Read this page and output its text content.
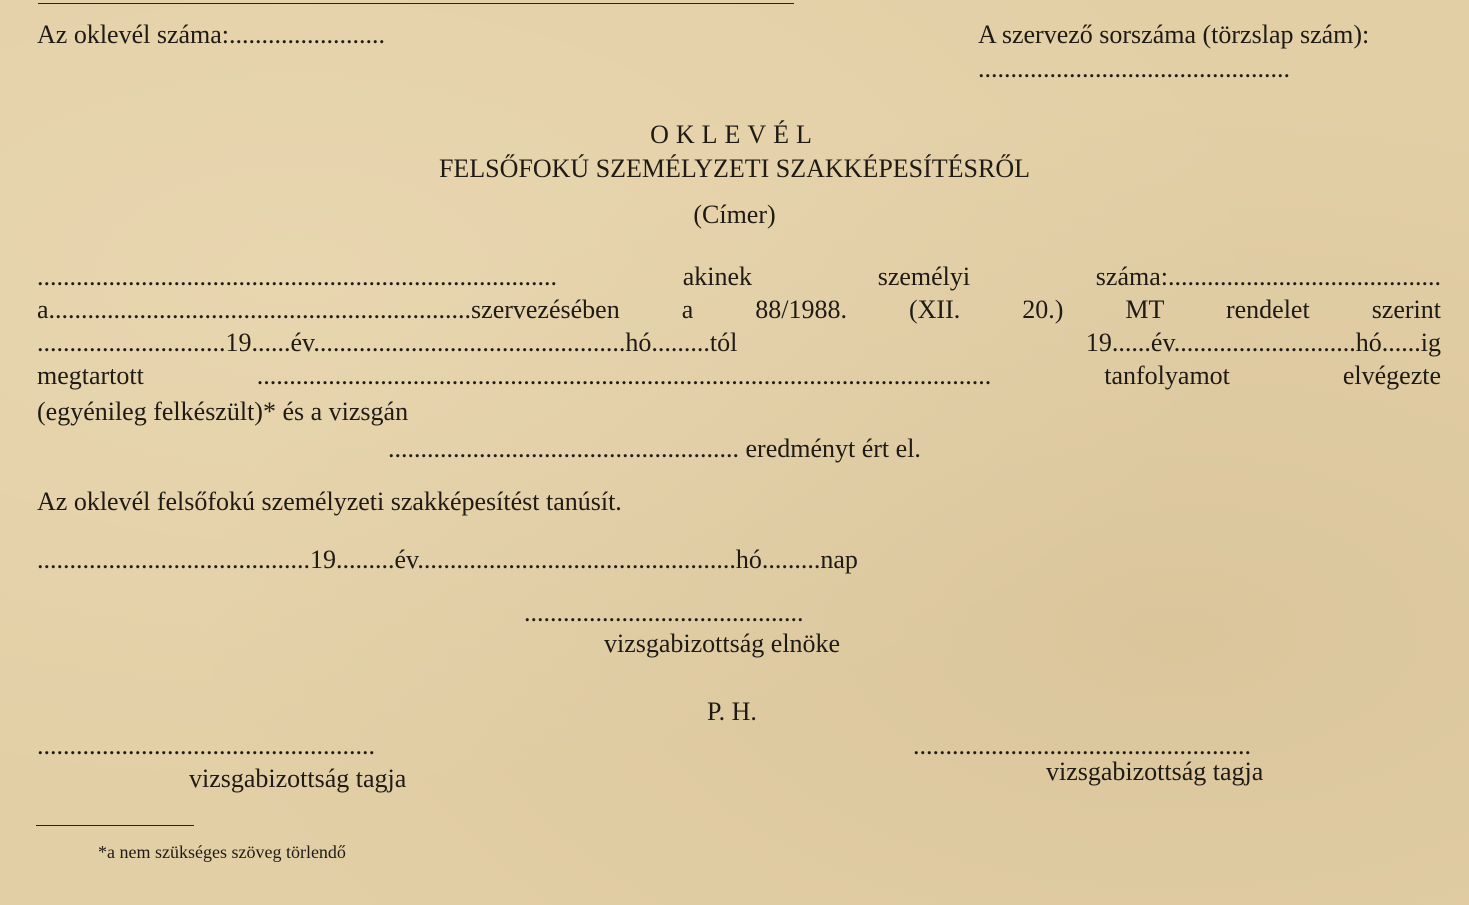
Az oklevél száma:........................	A szervező sorszáma (törzslap szám):
................................................
OKLEVÉL
FELSŐFOKÚ SZEMÉLYZETI SZAKKÉPESÍTÉSRŐL
(Címer)
................................................................................ akinek személyi száma:..........................................
a.................................................................szervezésében a 88/1988. (XII. 20.) MT rendelet szerint
.............................19......év................................................hó.........tól 19......év............................hó......ig
megtartott ................................................................................................................. tanfolyamot elvégezte
(egyénileg felkészült)* és a vizsgán
...................................................... eredményt ért el.
Az oklevél felsőfokú személyzeti szakképesítést tanúsít.
..........................................19.........év.................................................hó.........nap
...........................................
vizsgabizottság elnöke
P. H.
....................................................
vizsgabizottság tagja
....................................................
vizsgabizottság tagja
*a nem szükséges szöveg törlendő
